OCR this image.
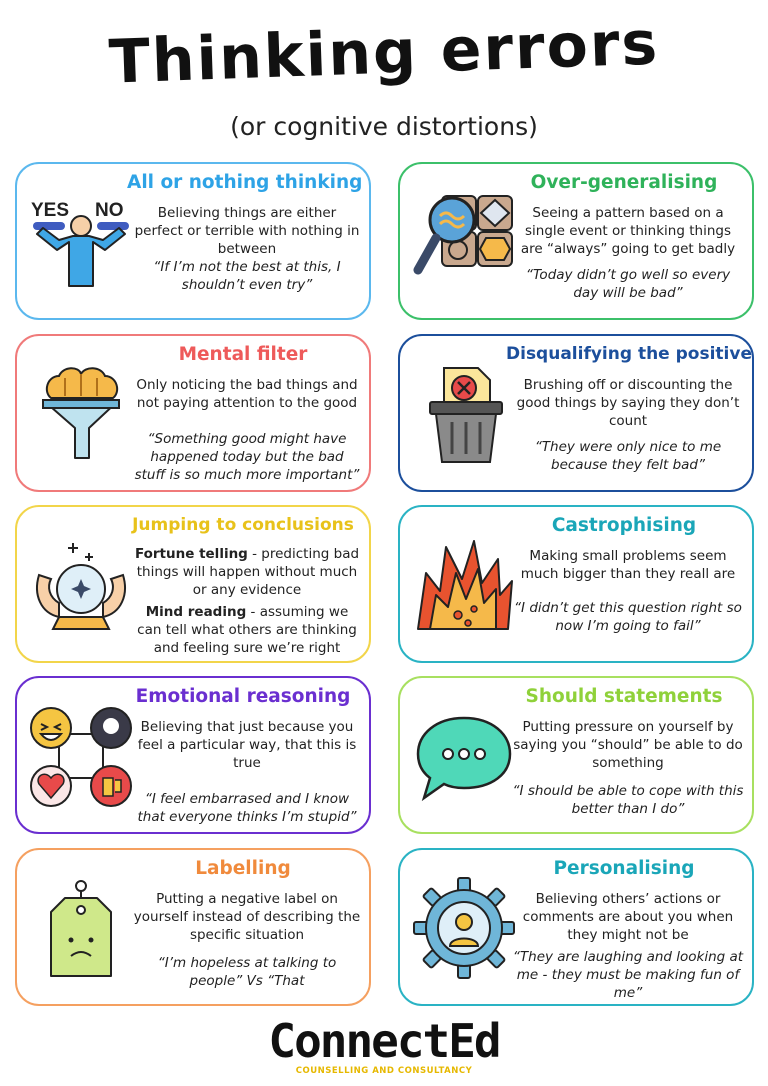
Thinking errors
(or cognitive distortions)
YES NO
All or nothing thinking
Believing things are either perfect or terrible with nothing in between
“If I’m not the best at this, I shouldn’t even try”
Over-generalising
Seeing a pattern based on a single event or thinking things are “always” going to get badly
“Today didn’t go well so every day will be bad”
Mental filter
Only noticing the bad things and not paying attention to the good
“Something good might have happened today but the bad stuff is so much more important”
Disqualifying the positive
Brushing off or discounting the good things by saying they don’t count
“They were only nice to me because they felt bad”
Jumping to conclusions
Fortune telling - predicting bad things will happen without much or any evidence
Mind reading - assuming we can tell what others are thinking and feeling sure we’re right
Castrophising
Making small problems seem much bigger than they reall are
“I didn’t get this question right so now I’m going to fail”
Emotional reasoning
Believing that just because you feel a particular way, that this is true
“I feel embarrased and I know that everyone thinks I’m stupid”
Should statements
Putting pressure on yourself by saying you “should” be able to do something
“I should be able to cope with this better than I do”
Labelling
Putting a negative label on yourself instead of describing the specific situation
“I’m hopeless at talking to people” Vs “That
Personalising
Believing others’ actions or comments are about you when they might not be
“They are laughing and looking at me - they must be making fun of me”
ConnectEd
COUNSELLING AND CONSULTANCY
